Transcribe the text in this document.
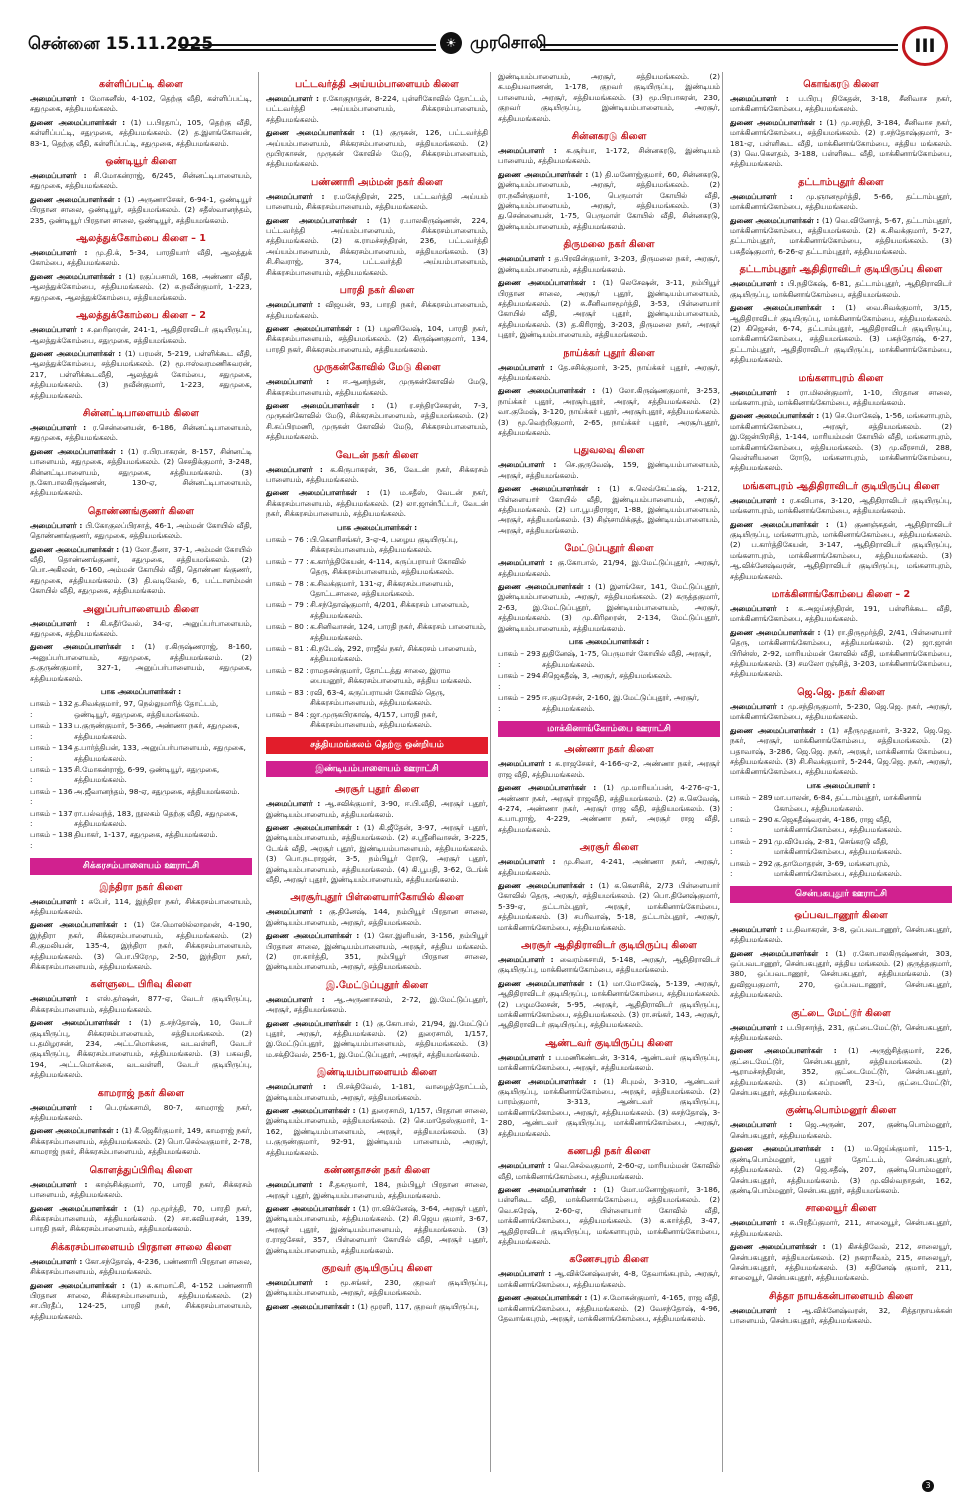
சென்னை 15.11.2025	☀ முரசொலி	III
கள்ளிப்பட்டி கிளை
அமைப்பாளர் : மோகனீஸ், 4-102, தெற்கு வீதி, கள்ளிப்பட்டி, சதுமுகை, சத்தியமங்கலம்.
துணை அமைப்பாளர்கள் : (1) ப.பிரதாப், 105, தெற்கு வீதி, கள்ளிப்பட்டி, சதுமுகை, சத்தியமங்கலம். (2) த.இளங்கோவன், 83-1, தெற்கு வீதி, கள்ளிப்பட்டி, சதுமுகை, சத்தியமங்கலம்.
ஒண்டியூர் கிளை
அமைப்பாளர் : சி.மோகன்ராஜ், 6/245, சின்னட்டிபாளையம், சதுமுகை, சத்தியமங்கலம்.
துணை அமைப்பாளர்கள் : (1) அருணாசேகர், 6-94-1, ஒண்டியூர் பிரதான சாலை, ஒண்டியூர், சத்தியமங்கலம். (2) சதீஸ்வானந்தம், 235, ஒண்டியூர் பிரதான சாலை, ஒண்டியூர், சத்தியமங்கலம்.
ஆலத்துக்கோம்பை கிளை – 1
அமைப்பாளர் : மு.தி.க், 5-34, பாரதியார் வீதி, ஆலத்துக் கோம்பை, சத்தியமங்கலம்.
துணை அமைப்பாளர்கள் : (1) ரகுப்பசாமி, 168, அண்ணா வீதி, ஆலத்துக்கோம்பை, சத்தியமங்கலம். (2) சு.நவீன்குமார், 1-223, சதுமுகை, ஆலத்துக்கோம்பை, சத்தியமங்கலம்.
ஆலத்துக்கோம்பை கிளை – 2
அமைப்பாளர் : ச.ஹரிஹரன், 241-1, ஆதிதிராவிடர் குடியிருப்பு, ஆலத்துக்கோம்பை, சதுமுகை, சத்தியமங்கலம்.
துணை அமைப்பாளர்கள் : (1) பரமன், 5-219, பள்ளிக்கூட வீதி, ஆலத்துக்கோம்பை, சத்தியமங்கலம். (2) மூ.ஈஸ்வரமணிசுவரன், 217, பள்ளிக்கூடவீதி, ஆலத்துக் கோம்பை, சதுமுகை, சத்தியமங்கலம். (3) நவீன்குமார், 1-223, சதுமுகை, சத்தியமங்கலம்.
சின்னட்டிபாளையம் கிளை
அமைப்பாளர் : ர.சென்னையன், 6-186, சின்னட்டிபாளையம், சதுமுகை, சத்தியமங்கலம்.
துணை அமைப்பாளர்கள் : (1) ர.பிரபாகரன், 8-157, சின்னட்டி பாளையம், சதுமுகை, சத்தியமங்கலம். (2) செசதிக்குமார், 3-248, சின்னட்டிபாளையம், சதுமுகை, சத்தியமங்கலம். (3) ந.கோபாலகிருஷ்ணன், 130-ஏ, சின்னட்டிபாளையம், சத்தியமங்கலம்.
தொண்ணங்குணர் கிளை
அமைப்பாளர் : பி.கோகுலப்பிரசாத், 46-1, அம்மன் கோயில் வீதி, தொண்ணங்குணர், சதுமுகை, சத்தியமங்கலம்.
துணை அமைப்பாளர்கள் : (1) லோ.தீனா, 37-1, அம்மன் கோயில் வீதி, தொண்ணங்குணர், சதுமுகை, சத்தியமங்கலம். (2) பொ.அகிலன், 6-160, அம்மன் கோயில் வீதி, தொண்ண ங்குணர், சதுமுகை, சத்தியமங்கலம். (3) தி.வடிவேல், 6, பட்டாளம்மன் கோயில் வீதி, சதுமுகை, சத்தியமங்கலம்.
அனுப்பர்பாளையம் கிளை
அமைப்பாளர் : கி.சுதீர்வேல், 34-ஏ, அனுப்பர்பாளையம், சதுமுகை, சத்தியமங்கலம்.
துணை அமைப்பாளர்கள் : (1) ர.கிருஷ்ணராஜ், 8-160, அனுப்பர்பாளையம், சதுமுகை, சத்தியமங்கலம். (2) த.குருண்குமார், 327-1, அனுப்பர்பாளையம், சதுமுகை, சத்தியமங்கலம்.
பாக அமைப்பாளர்கள் :
பாகம் – 132 :
த.சிவக்குமார், 97, நெல்லுமாரித் தோட்டம், ஒண்டியூர், சதுமுகை, சத்தியமங்கலம்.
பாகம் – 133 :
ப.குருண்குமார், 5-366, அண்ணா நகர், சதுமுகை, சத்தியமங்கலம்.
பாகம் – 134 :
த.பார்த்திபன், 133, அனுப்பர்பாளையம், சதுமுகை, சத்தியமங்கலம்.
பாகம் – 135 :
சி.மோகன்ராஜ், 6-99, ஒண்டியூர், சதுமுகை, சத்தியமங்கலம்.
பாகம் – 136 :
அ.ஜீவானந்தம், 98-ஏ, சதுமுகை, சத்தியமங்கலம்.
பாகம் – 137 :
ரா.பல்வந்த், 183, நூலகம் தெற்கு வீதி, சதுமுகை, சத்தியமங்கலம்.
பாகம் – 138 :
தியாகர், 1-137, சதுமுகை, சத்தியமங்கலம்.
சிக்கரசம்பாளையம் ஊராட்சி
இந்திரா நகர் கிளை
அமைப்பாளர் : சுபேர், 114, இந்திரா நகர், சிக்கரசம்பாளையம், சத்தியமங்கலம்.
துணை அமைப்பாளர்கள் : (1) சே.மொஸில்லாஹன், 4-190, இந்திரா நகர், சிக்கரசம்பாளையம், சத்தியமங்கலம். (2) சி.குமலியன், 135-4, இந்திரா நகர், சிக்கரசம்பாளையம், சத்தியமங்கலம். (3) பொ.பிரேமு, 2-50, இந்திரா நகர், சிக்கரசம்பாளையம், சத்தியமங்கலம்.
கள்ளுடை பிரிவு கிளை
அமைப்பாளர் : எஸ்.தர்ஷன், 877-ஏ, வேடர் குடியிருப்பு, சிக்கரசம்பாளையம், சத்தியமங்கலம்.
துணை அமைப்பாளர்கள் : (1) த.சந்தோஷ், 10, வேடர் குடியிருப்பு, சிக்கரசம்பாளையம், சத்தியமங்கலம். (2) ப.தமிழரசன், 234, அட்டமொக்கை, வடவள்ளி, வேடர் குடியிருப்பு, சிக்கரசம்பாளையம், சத்தியமங்கலம். (3) பகவதி, 194, அட்டமொக்கை, வடவள்ளி, வேடர் குடியிருப்பு, சத்தியமங்கலம்.
காமராஜ் நகர் கிளை
அமைப்பாளர் : பெ.ரங்கசாமி, 80-7, காமராஜ் நகர், சத்தியமங்கலம்.
துணை அமைப்பாளர்கள் : (1) கீ.ஜெகீர்குமார், 149, காமராஜ் நகர், சிக்கரசம்பாளையம், சத்தியமங்கலம். (2) பொ.செல்வகுமார், 2-78, காமராஜ் நகர், சிக்கரசம்பாளையம், சத்தியமங்கலம்.
கொளத்துப்பிரிவு கிளை
அமைப்பாளர் : காஞ்சிக்குமார், 70, பாரதி நகர், சிக்கரசம் பாளையம், சத்தியமங்கலம்.
துணை அமைப்பாளர்கள் : (1) மு.மூர்த்தி, 70, பாரதி நகர், சிக்கரசம்பாளையம், சத்தியமங்கலம். (2) சா.கவியரசன், 139, பாரதி நகர், சிக்கரசம்பாளையம், சத்தியமங்கலம்.
சிக்கரசம்பாளையம் பிரதான சாலை கிளை
அமைப்பாளர் : கோ.சந்தோஷ், 4-236, பண்ணாரி பிரதான சாலை, சிக்கரசம்பாளையம், சத்தியமங்கலம்.
துணை அமைப்பாளர்கள் : (1) சு.காமாட்சி, 4-152 பண்ணாரி பிரதான சாலை, சிக்கரசம்பாளையம், சத்தியமங்கலம். (2) சா.பிரதீப், 124-25, பாரதி நகர், சிக்கரசம்பாளையம், சத்தியமங்கலம்.
பட்டவர்த்தி அய்யம்பாளையம் கிளை
அமைப்பாளர் : ர.கோகுநாதன், 8-224, புள்ளிகோவில் தோட்டம், பட்டவர்த்தி அய்யம்பாளையம், சிக்கரசம்பாளையம், சத்தியமங்கலம்.
துணை அமைப்பாளர்கள் : (1) குருகன், 126, பட்டவர்த்தி அய்யம்பாளையம், சிக்கரசம்பாளையம், சத்தியமங்கலம். (2) மூபிரகாசன், முருகன் கோவில் மேடு, சிக்கரசம்பாளையம், சத்தியமங்கலம்.
பண்ணாரி அம்மன் நகர் கிளை
அமைப்பாளர் : ர.மகேந்திரன், 225, பட்டவர்த்தி அய்யம் பாளையம், சிக்கரசம்பாளையம், சத்தியமங்கலம்.
துணை அமைப்பாளர்கள் : (1) ர.பாலகிருஷ்ணன், 224, பட்டவர்த்தி அய்யம்பாளையம், சிக்கரசம்பாளையம், சத்தியமங்கலம். (2) க.ராமச்சந்திரன், 236, பட்டவர்த்தி அய்யம்பாளையம், சிக்கரசம்பாளையம், சத்தியமங்கலம். (3) சி.சிவராஜ், 374, பட்டவர்த்தி அய்யம்பாளையம், சிக்கரசம்பாளையம், சத்தியமங்கலம்.
பாரதி நகர் கிளை
அமைப்பாளர் : விஜயன், 93, பாரதி நகர், சிக்கரசம்பாளையம், சத்தியமங்கலம்.
துணை அமைப்பாளர்கள் : (1) பழனிவேஷ், 104, பாரதி நகர், சிக்கரசம்பாளையம், சத்தியமங்கலம். (2) கிருஷ்ணகுமார், 134, பாரதி நகர், சிக்கரசம்பாளையம், சத்தியமங்கலம்.
முருகன்கோவில் மேடு கிளை
அமைப்பாளர் : ஈ.ஆனந்தன், முருகன்கோவில் மேடு, சிக்கரசம்பாளையம், சத்தியமங்கலம்.
துணை அமைப்பாளர்கள் : (1) ர.சந்திரசேகரன், 7-3, முருகன்கோவில் மேடு, சிக்கரசம்பாளையம், சத்தியமங்கலம். (2) சி.சுப்பிரமணி, முருகன் கோவில் மேடு, சிக்கரசம்பாளையம், சத்தியமங்கலம்.
வேடன் நகர் கிளை
அமைப்பாளர் : க.கிருபாகரன், 36, வேடன் நகர், சிக்கரசம் பாளையம், சத்தியமங்கலம்.
துணை அமைப்பாளர்கள் : (1) ம.சதீஸ், வேடன் நகர், சிக்கரசம்பாளையம், சத்தியமங்கலம். (2) லா.ஜான்பீட்டர், வேடன் நகர், சிக்கரசம்பாளையம், சத்தியமங்கலம்.
பாக அமைப்பாளர்கள் :
பாகம் – 76 : பி.கெளரிசங்கர், 3-ஏ-4, பழைய குடியிருப்பு, சிக்கரசம்பாளையம், சத்தியமங்கலம்.
பாகம் – 77 : க.கார்த்திகேயன், 4-114, கருப்பராயர் கோவில் தெரு, சிக்கரசம்பாளையம், சத்தியமங்கலம்.
பாகம் – 78 : க.சிவக்குமார், 131-ஏ, சிக்கரசம்பாளையம், தோட்டசாலை, சத்தியமங்கலம்.
பாகம் – 79 : சி.சந்தோஷ்குமார், 4/201, சிக்கரசம் பாளையம், சத்தியமங்கலம்.
பாகம் – 80 : க.சினிவாசன், 124, பாரதி நகர், சிக்கரசம் பாளையம், சத்தியமங்கலம்.
பாகம் – 81 : கி.நடேஷ், 292, ராஜீவ் நகர், சிக்கரசம் பாளையம், சத்தியமங்கலம்.
பாகம் – 82 : ராமதசன்குமார், தோட்டத்து சாலை, இராம பையனூர், சிக்கரசம்பாளையம், சத்திய மங்கலம்.
பாகம் – 83 : ரவி, 63-4, கருப்பராயன் கோவில் தெரு, சிக்கரசம்பாளையம், சத்தியமங்கலம்.
பாகம் – 84 : ஜா.முருகபிரகாஷ், 4/157, பாரதி நகர், சிக்கரசம்பாளையம், சத்தியமங்கலம்.
சத்தியமங்கலம் தெற்கு ஒன்றியம்
இண்டியம்பாளையம் ஊராட்சி
அரசூர் புதூர் கிளை
அமைப்பாளர் : ஆ.சவிக்குமார், 3-90, ஈ.பி.வீதி, அரசூர் புதூர், இண்டியம்பாளையம், சத்தியமங்கலம்.
துணை அமைப்பாளர்கள் : (1) கி.ஜீதேன், 3-97, அரசூர் புதூர், இண்டியம்பாளையம், சத்தியமங்கலம். (2) ச.ஸ்ரீனிவாசன், 3-225, டேங்க் வீதி, அரசூர் புதூர், இண்டியம்பாளையம், சத்தியமங்கலம். (3) பொ.நடராஜன், 3-5, நம்பியூர் ரோடு, அரசூர் புதூர், இண்டியம்பாளையம், சத்தியமங்கலம். (4) கி.பூபதி, 3-62, டேங்க் வீதி, அரசூர் புதூர், இண்டியம்பாளையம், சத்தியமங்கலம்.
அரசூர்புதூர் பிள்ளையார்கோயில் கிளை
அமைப்பாளர் : கு.தினேஷ், 144, நம்பியூர் பிரதான சாலை, இண்டியம்பாளையம், அரசூர், சத்தியமங்கலம்.
துணை அமைப்பாளர்கள் : (1) கோ.இளியன், 3-156, நம்பியூர் பிரதான சாலை, இண்டியம்பாளையம், அரசூர், சத்திய மங்கலம். (2) ரா.கார்த்தி, 351, நம்பியூர் பிரதான சாலை, இண்டியம்பாளையம், அரசூர், சத்தியமங்கலம்.
இ.மேட்டுப்புதூர் கிளை
அமைப்பாளர் : ஆ.அருணாசலம், 2-72, இ.மேட்டுப்புதூர், அரசூர், சத்தியமங்கலம்.
துணை அமைப்பாளர்கள் : (1) கு.கோபால், 21/94, இ.மேட்டுப் புதூர், அரசூர், சத்தியமங்கலம். (2) துரைசாமி, 1/157, இ.மேட்டுப்புதூர், இண்டியம்பாளையம், சத்தியமங்கலம். (3) ம.சக்திவேல், 256-1, இ.மேட்டுப்புதூர், அரசூர், சத்தியமங்கலம்.
இண்டியம்பாளையம் கிளை
அமைப்பாளர் : பி.சக்திவேல், 1-181, வாழைத்தோட்டம், இண்டியம்பாளையம், அரசூர், சத்தியமங்கலம்.
துணை அமைப்பாளர்கள் : (1) துரைசாமி, 1/157, பிரதான சாலை, இண்டியம்பாளையம், சத்தியமங்கலம். (2) செ.மாதேஸ்குமார், 1-162, இண்டியம்பாளையம், அரசூர், சத்தியமங்கலம். (3) ப.குருண்குமார், 92-91, இண்டியம் பாளையம், அரசூர், சத்தியமங்கலம்.
கண்ணதாசன் நகர் கிளை
அமைப்பாளர் : சீ.தகருமார், 184, நம்பியூர் பிரதான சாலை, அரசூர் புதூர், இண்டியம்பாளையம், சத்தியமங்கலம்.
துணை அமைப்பாளர்கள் : (1) ரா.விக்னேஷ், 3-64, அரசூர் புதூர், இண்டியம்பாளையம், சத்தியமங்கலம். (2) சி.ஜெய குமார், 3-67, அரசூர் புதூர், இண்டியம்பாளையம், சத்தியமங்கலம். (3) ர.ராஜசேகர், 357, பிள்ளையார் கோயில் வீதி, அரசூர் புதூர், இண்டியம்பாளையம், சத்தியமங்கலம்.
குறவர் குடியிருப்பு கிளை
அமைப்பாளர் : மூ.சங்கர், 230, குறவர் குடியிருப்பு, இண்டியம்பாளையம், அரசூர், சத்தியமங்கலம்.
துணை அமைப்பாளர்கள் : (1) மூரளி, 117, குறவர் குடியிருப்பு,
இண்டியம்பாளையம், அரசூர், சத்தியமங்கலம். (2) க.மதியவாணன், 1-178, குறவர் குடியிருப்பு, இண்டியம் பாளையம், அரசூர், சத்தியமங்கலம். (3) மூ.பிரபாகரன், 230, குறவர் குடியிருப்பு, இண்டியம்பாளையம், அரசூர், சத்தியமங்கலம்.
சின்னகரடு கிளை
அமைப்பாளர் : க.சூர்யா, 1-172, சின்னகரடு, இண்டியம் பாளையம், சத்தியமங்கலம்.
துணை அமைப்பாளர்கள் : (1) தி.மனோஜ்குமார், 60, சின்னகரடு, இண்டியம்பாளையம், அரசூர், சத்தியமங்கலம். (2) ரா.நவீன்குமார், 1-106, பெருமாள் கோயில் வீதி, இண்டியம்பாளையம், அரசூர், சத்தியமங்கலம். (3) து.சென்னையன், 1-75, பெருமாள் கோயில் வீதி, சின்னகரடு, இண்டியம்பாளையம், சத்தியமங்கலம்.
திருமலை நகர் கிளை
அமைப்பாளர் : த.பிரவின்குமார், 3-203, திருமலை நகர், அரசூர், இண்டியம்பாளையம், சத்தியமங்கலம்.
துணை அமைப்பாளர்கள் : (1) லெசேஷன், 3-11, நம்பியூர் பிரதான சாலை, அரசூர் புதூர், இண்டியம்பாளையம், சத்தியமங்கலம். (2) சு.சீனிவாசமூர்த்தி, 3-53, பிள்ளையார் கோயில் வீதி, அரசூர் புதூர், இண்டியம்பாளையம், சத்தியமங்கலம். (3) த.கிரிராஜ், 3-203, திருமலை நகர், அரசூர் புதூர், இண்டியம்பாளையம், சத்தியமங்கலம்.
நாய்க்கர் புதூர் கிளை
அமைப்பாளர் : தே.சசிக்குமார், 3-25, நாய்க்கர் புதூர், அரசூர், சத்தியமங்கலம்.
துணை அமைப்பாளர்கள் : (1) லோ.கிருஷ்ணகுமார், 3-253, நாய்க்கர் புதூர், அரசூர்புதூர், அரசூர், சத்தியமங்கலம். (2) வா.குமேஷ், 3-120, நாய்க்கர் புதூர், அரசூர்புதூர், சத்தியமங்கலம். (3) மூ.வெற்றிகுமார், 2-65, நாய்க்கர் புதூர், அரசூர்புதூர், சத்தியமங்கலம்.
புதுவலவு கிளை
அமைப்பாளர் : செ.குருவேஷ், 159, இண்டியம்பாளையம், அரசூர், சத்தியமங்கலம்.
துணை அமைப்பாளர்கள் : (1) சு.லெவ்கேட்டீஷ், 1-212, பிள்ளையார் கோயில் வீதி, இண்டியம்பாளையம், அரசூர், சத்தியமங்கலம். (2) பா.பூபதிராஜா, 1-88, இண்டியம்பாளையம், அரசூர், சத்தியமங்கலம். (3) சிஞ்சாமிக்குத், இண்டியம்பாளையம், அரசூர், சத்தியமங்கலம்.
மேட்டுப்புதூர் கிளை
அமைப்பாளர் : கு.கோபால், 21/94, இ.மேட்டுப்புதூர், அரசூர், சத்தியமங்கலம்.
துணை அமைப்பாளர்கள் : (1) இளங்கோ, 141, மேட்டுப்புதூர், இண்டியம்பாளையம், அரசூர், சத்தியமங்கலம். (2) கருத்தகுமார், 2-63, இ.மேட்டுப்புதூர், இண்டியம்பாளையம், அரசூர், சத்தியமங்கலம். (3) மு.கிரிஹரன், 2-134, மேட்டுப்புதூர், இண்டியம்பாளையம், சத்தியமங்கலம்.
பாக அமைப்பாளர்கள் :
பாகம் – 293 :
துதினேஷ், 1-75, பெருமாள் கோயில் வீதி, அரசூர், சத்தியமங்கலம்.
பாகம் – 294 :
சிஜெகதீஷ், 3, அரசூர், சத்தியமங்கலம்.
பாகம் – 295 :
ஈ.குமரேசன், 2-160, இ.மேட்டுப்புதூர், அரசூர், சத்தியமங்கலம்.
மாக்கினாங்கோம்பை ஊராட்சி
அண்ணா நகர் கிளை
அமைப்பாளர் : சு.ராஜசேகர், 4-166-ஏ-2, அண்ணா நகர், அரசூர் ராஜ வீதி, சத்தியமங்கலம்.
துணை அமைப்பாளர்கள் : (1) மு.மாரியப்பன், 4-276-ஏ-1, அண்ணா நகர், அரசூர் ராஜவீதி, சத்தியமங்கலம். (2) சு.கெவேஷ், 4-274, அண்ணா நகர், அரசூர் ராஜ வீதி, சத்தியமங்கலம். (3) க.பாபுராஜ், 4-229, அண்ணா நகர், அரசூர் ராஜ வீதி, சத்தியமங்கலம்.
அரசூர் கிளை
அமைப்பாளர் : மு.சிவா, 4-241, அண்ணா நகர், அரசூர், சத்தியமங்கலம்.
துணை அமைப்பாளர்கள் : (1) க.கௌசிக், 2/73 பிள்ளையார் கோவில் தெரு, அரசூர், சத்தியமங்கலம். (2) பொ.தினேஷ்குமார், 5-39-ஏ, தட்டாம்புதூர், அரசூர், மாக்கினாங்கோம்பை, சத்தியமங்கலம். (3) சபரிவாஷ், 5-18, தட்டாம்புதூர், அரசூர், மாக்கினாங்கோம்பை, சத்தியமங்கலம்.
அரசூர் ஆதிதிராவிடர் குடியிருப்பு கிளை
அமைப்பாளர் : வைரம்கசாமி, 5-148, அரசூர், ஆதிதிராவிடர் குடியிருப்பு, மாக்கினாங்கோம்பை, சத்தியமங்கலம்.
துணை அமைப்பாளர்கள் : (1) மா.மோகேஷ், 5-139, அரசூர், ஆதிதிராவிடர் குடியிருப்பு, மாக்கினாங்கோம்பை, சத்தியமங்கலம். (2) பழுமலேசன், 5-95, அரசூர், ஆதிதிராவிடர் குடியிருப்பு, மாக்கினாங்கோம்பை, சத்தியமங்கலம். (3) ரா.சங்கர், 143, அரசூர், ஆதிதிராவிடர் குடியிருப்பு, சத்தியமங்கலம்.
ஆண்டவர் குடியிருப்பு கிளை
அமைப்பாளர் : ப.மணிகண்டன், 3-314, ஆண்டவர் குடியிருப்பு, மாக்கினாங்கோம்பை, அரசூர், சத்தியமங்கலம்.
துணை அமைப்பாளர்கள் : (1) சிபுமல், 3-310, ஆண்டவர் குடியிருப்பு, மாக்கினாங்கோம்பை, அரசூர், சத்தியமங்கலம். (2) பாரம்குமார், 3-313, ஆண்டவர் குடியிருப்பு, மாக்கினாங்கோம்பை, அரசூர், சத்தியமங்கலம். (3) சுசந்தோஷ், 3-280, ஆண்டவர் குடியிருப்பு, மாக்கினாங்கோம்பை, அரசூர், சத்தியமங்கலம்.
கணபதி நகர் கிளை
அமைப்பாளர் : வெ.செல்வகுமார், 2-60-ஏ, மாரியம்மன் கோவில் வீதி, மாக்கினாங்கோம்பை, சத்தியமங்கலம்.
துணை அமைப்பாளர்கள் : (1) மோ.மனோஜ்குமார், 3-186, பள்ளிகூட வீதி, மாக்கினாங்கோம்பை, சத்தியமங்கலம். (2) வெ.சுரேஷ், 2-60-ஏ, பிள்ளையார் கோவில் வீதி, மாக்கினாங்கோம்பை, சத்தியமங்கலம். (3) க.கார்த்தி, 3-47, ஆதிதிராவிடர் குடியிருப்பு, மங்களாபுரம், மாக்கினாங்கோம்பை, சத்தியமங்கலம்.
கணேசபுரம் கிளை
அமைப்பாளர் : ஆ.விக்னேஷ்வரன், 4-8, தேவாங்கபுரம், அரசூர், மாக்கினாங்கோம்பை, சத்தியமங்கலம்.
துணை அமைப்பாளர்கள் : (1) ச.மோகன்குமார், 4-165, ராஜ வீதி, மாக்கினாங்கோம்பை, சத்தியமங்கலம். (2) வேசந்தோஷ், 4-96, தேவாங்கபுரம், அரசூர், மாக்கினாங்கோம்பை, சத்தியமங்கலம்.
கொங்கரடு கிளை
அமைப்பாளர் : ப.பிரபு நிகேதன், 3-18, சீனிவாச நகர், மாக்கினாங்கோம்பை, சத்தியமங்கலம்.
துணை அமைப்பாளர்கள் : (1) மு.சரந்தி, 3-184, சீனிவாச நகர், மாக்கினாங்கோம்பை, சத்தியமங்கலம். (2) ர.சந்தோஷ்குமார், 3-181-ஏ, பள்ளிகூட வீதி, மாக்கினாங்கோம்பை, சத்திய மங்கலம். (3) வெ.கௌதம், 3-188, பள்ளிகூட வீதி, மாக்கினாங்கோம்பை, சத்தியமங்கலம்.
தட்டாம்புதூர் கிளை
அமைப்பாளர் : மு.ஞானமூர்த்தி, 5-66, தட்டாம்புதூர், மாக்கினாங்கோம்பை, சத்தியமங்கலம்.
துணை அமைப்பாளர்கள் : (1) வெ.வினோத், 5-67, தட்டாம்புதூர், மாக்கினாங்கோம்பை, சத்தியமங்கலம். (2) க.சிவக்குமார், 5-27, தட்டாம்புதூர், மாக்கினாங்கோம்பை, சத்தியமங்கலம். (3) பசுதீஷ்குமார், 6-26-ஏ தட்டாம்புதூர், சத்தியமங்கலம்.
தட்டாம்புதூர் ஆதிதிராவிடர் குடியிருப்பு கிளை
அமைப்பாளர் : பி.நதிகேஷ், 6-81, தட்டாம்புதூர், ஆதிதிராவிடர் குடியிருப்பு, மாக்கினாங்கோம்பை, சத்தியமங்கலம்.
துணை அமைப்பாளர்கள் : (1) வை.சிவக்குமார், 3/15, ஆதிதிராவிடர் குடியிருப்பு, மாக்கினாங்கோம்பை, சத்தியமங்கலம். (2) கிஜெசன், 6-74, தட்டாம்புதூர், ஆதிதிராவிடர் குடியிருப்பு, மாக்கினாங்கோம்பை, சத்தியமங்கலம். (3) பசுந்தோஷ், 6-27, தட்டாம்புதூர், ஆதிதிராவிடர் குடியிருப்பு, மாக்கினாங்கோம்பை, சத்தியமங்கலம்.
மங்களாபுரம் கிளை
அமைப்பாளர் : ரா.மிலன்குமார், 1-10, பிரதான சாலை, மங்களாபுரம், மாக்கினாங்கோம்பை, சத்தியமங்கலம்.
துணை அமைப்பாளர்கள் : (1) செ.மோகேஷ், 1-56, மங்களாபுரம், மாக்கினாங்கோம்பை, அரசூர், சத்தியமங்கலம். (2) இ.ஜேன்பிரசித், 1-144, மாரியம்மன் கோயில் வீதி, மங்களாபுரம், மாக்கினாங்கோம்பை, சத்தியமங்கலம். (3) மு.வீரசாமி, 288, வெள்ளியனை ரோடு, மங்களாபுரம், மாக்கினாங்கோம்பை, சத்தியமங்கலம்.
மங்களபுரம் ஆதிதிராவிடர் குடியிருப்பு கிளை
அமைப்பாளர் : ர.சுவிபாசு, 3-120, ஆதிதிராவிடர் குடியிருப்பு, மங்களாபுரம், மாக்கினாங்கோம்பை, சத்தியமங்கலம்.
துணை அமைப்பாளர்கள் : (1) குணஞ்சுதன், ஆதிதிராவிடர் குடியிருப்பு, மங்களாபுரம், மாக்கினாங்கோம்பை, சத்தியமங்கலம். (2) ப.கார்த்திகேயன், 3-147, ஆதிதிராவிடர் குடியிருப்பு, மங்களாபுரம், மாக்கினாங்கோம்பை, சத்தியமங்கலம். (3) ஆ.விக்னேஷ்வரன், ஆதிதிராவிடர் குடியிருப்பு, மங்களாபுரம், சத்தியமங்கலம்.
மாக்கினாங்கோம்பை கிளை – 2
அமைப்பாளர் : க.அஜய்சந்திரன், 191, பள்ளிக்கூட வீதி, மாக்கினாங்கோம்பை, சத்தியமங்கலம்.
துணை அமைப்பாளர்கள் : (1) ரா.திருமூர்த்தி, 2/41, பிள்ளையார் தெரு, மாக்கினாங்கோம்பை, சத்தியமங்கலம். (2) ஜா.ஜான் பிரின்ஸ், 2-92, மாரியம்மன் கோவில் வீதி, மாக்கினாங்கோம்பை, சத்தியமங்கலம். (3) சமலோ ரஞ்சித், 3-203, மாக்கினாங்கோம்பை, சத்தியமங்கலம்.
ஜெ.ஜெ. நகர் கிளை
அமைப்பாளர் : மு.சந்திருகுமார், 5-230, ஜெ.ஜெ. நகர், அரசூர், மாக்கினாங்கோம்பை, சத்தியமங்கலம்.
துணை அமைப்பாளர்கள் : (1) சதீருமுதுமார், 3-322, ஜெ.ஜெ. நகர், அரசூர், மாக்கினாங்கோம்பை, சத்தியமங்கலம். (2) பதாவாஷ், 3-286, ஜெ.ஜெ. நகர், அரசூர், மாக்கினாங் கோம்பை, சத்தியமங்கலம். (3) சி.சிவக்குமார், 5-244, ஜெ.ஜெ. நகர், அரசூர், மாக்கினாங்கோம்பை, சத்தியமங்கலம்.
பாக அமைப்பாளர் :
பாகம் – 289 :
மா.பாலன், 6-84, தட்டாம்புதூர், மாக்கினாங் கோம்பை, சத்தியமங்கலம்.
பாகம் – 290 :
க.ஜெகதீஷ்வரன், 4-186, ராஜ வீதி, மாக்கினாங்கோம்பை, சத்தியமங்கலம்.
பாகம் – 291 :
மு.வியேஷ், 2-81, செங்கரடு வீதி, மாக்கினாங்கோம்பை, சத்தியமங்கலம்.
பாகம் – 292 :
கு.தாமோதரன், 3-69, மங்களபுரம், மாக்கினாங்கோம்பை, சத்தியமங்கலம்.
சென்பகபுதூர் ஊராட்சி
ஒப்பவடாணூர் கிளை
அமைப்பாளர் : ப.திவாகரன், 3-8, ஒப்பவடாணூர், சென்பகபுதூர், சத்தியமங்கலம்.
துணை அமைப்பாளர்கள் : (1) ர.கோபாலகிருஷ்ணன், 303, ஒப்பவடாணூர், சென்பகபுதூர், சத்திய மங்கலம். (2) குருத்தகுமார், 380, ஒப்பவடாணூர், சென்பகபுதூர், சத்தியமங்கலம். (3) துவிஜயகுமார், 270, ஒப்பவடாணூர், சென்பகபுதூர், சத்தியமங்கலம்.
குட்டை மேட்டூர் கிளை
அமைப்பாளர் : ப.பிரசாந்த், 231, குட்டைமேட்டூர், சென்பகபுதூர், சத்தியமங்கலம்.
துணை அமைப்பாளர்கள் : (1) அருஜ்சித்குமார், 226, குட்டைமேட்டூர், சென்பகபுதூர், சத்தியமங்கலம். (2) ஆராமச்சந்திரன், 352, குட்டைமேட்டூர், சென்பகபுதூர், சத்தியமங்கலம். (3) சுப்ரமணி, 23-ப், குட்டைமேட்டூர், சென்பகபுதூர், சத்தியமங்கலம்.
குண்டிபொம்மனூர் கிளை
அமைப்பாளர் : ஜெ.அருண், 207, குண்டிபொம்மனூர், சென்பகபுதூர், சத்தியமங்கலம்.
துணை அமைப்பாளர்கள் : (1) ம.ஜெய்க்குமார், 115-1, குண்டிபொம்மனூர், புதூர் தோட்டம், சென்பகபுதூர், சத்தியமங்கலம். (2) ஜெ.சதீஷ், 207, குண்டிபொம்மனூர், சென்பகபுதூர், சத்தியமங்கலம். (3) மு.வில்வநாதன், 162, குண்டிபொம்மனூர், சென்பகபுதூர், சத்தியமங்கலம்.
சாலையூர் கிளை
அமைப்பாளர் : சு.பிரதீப்குமார், 211, சாலையூர், சென்பகபுதூர், சத்தியமங்கலம்.
துணை அமைப்பாளர்கள் : (1) கிசக்திவேல், 212, சாலையூர், சென்பகபுதூர், சத்தியமங்கலம். (2) நகராசீவம், 215, சாலையூர், சென்பகபுதூர், சத்தியமங்கலம். (3) சுதினேஷ் குமார், 211, சாலையூர், சென்பகபுதூர், சத்தியமங்கலம்.
சித்தா நாயக்கன்பாளையம் கிளை
அமைப்பாளர் : ஆ.விக்னேஷ்வரன், 32, சித்தாநாயக்கன் பாளையம், சென்பகபுதூர், சத்தியமங்கலம்.
3
